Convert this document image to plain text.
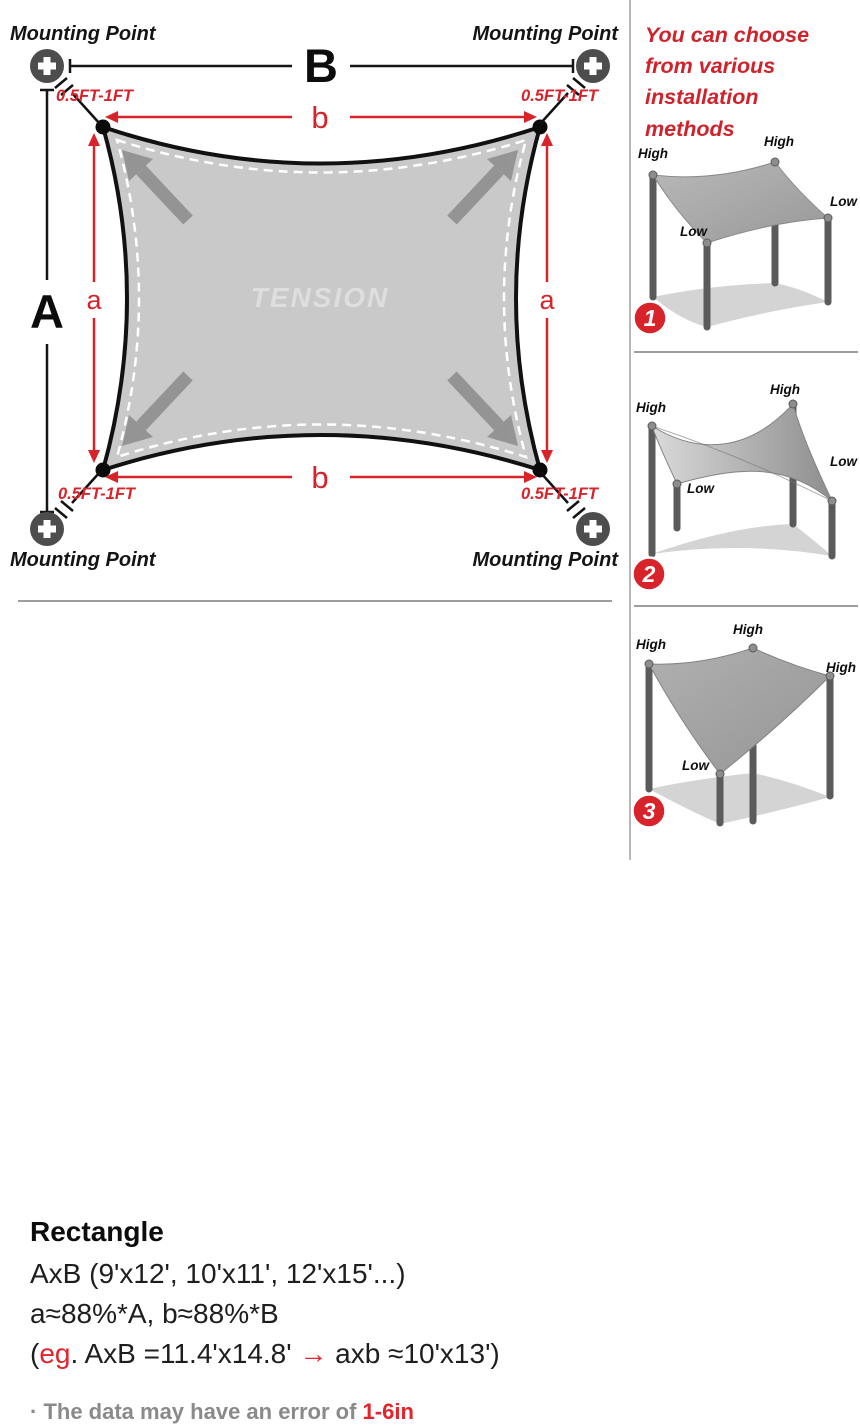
TENSION
B
A
b
b
a	a
Mounting Point	Mounting Point
Mounting Point	Mounting Point
0.5FT-1FT	0.5FT-1FT
0.5FT-1FT	0.5FT-1FT
You can choose from various installation methods
High
High
Low
Low
1
High
High
Low
Low
2
High
High
High
Low
3
Rectangle
AxB (9'x12', 10'x11', 12'x15'...)
a≈88%*A, b≈88%*B
(eg. AxB =11.4'x14.8' → axb ≈10'x13')
· The data may have an error of 1-6in
